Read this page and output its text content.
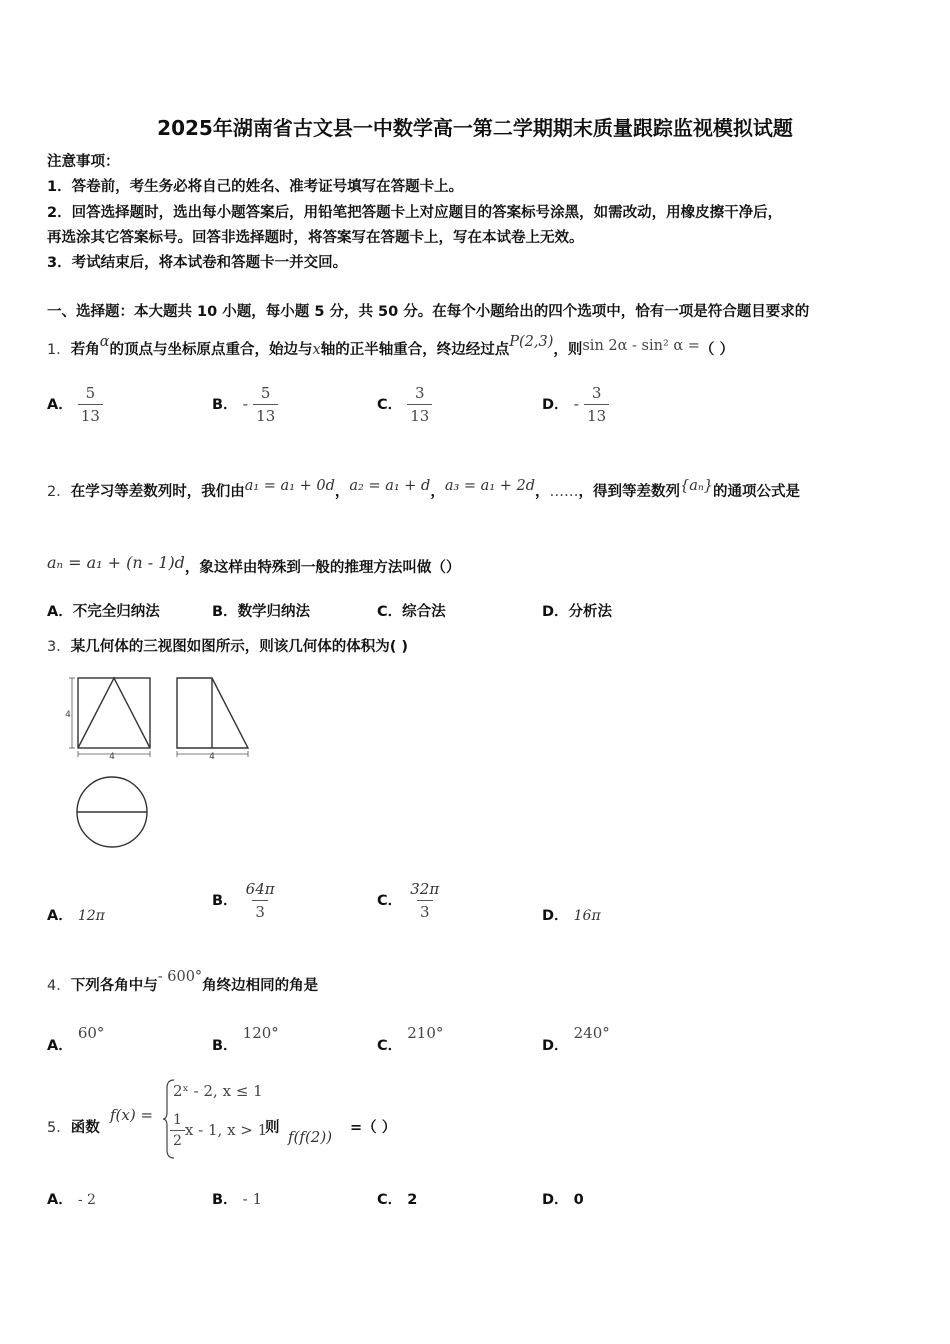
2025年湖南省古文县一中数学高一第二学期期末质量跟踪监视模拟试题
注意事项：
1．答卷前，考生务必将自己的姓名、准考证号填写在答题卡上。
2．回答选择题时，选出每小题答案后，用铅笔把答题卡上对应题目的答案标号涂黑，如需改动，用橡皮擦干净后，
再选涂其它答案标号。回答非选择题时，将答案写在答题卡上，写在本试卷上无效。
3．考试结束后，将本试卷和答题卡一并交回。
一、选择题：本大题共 10 小题，每小题 5 分，共 50 分。在每个小题给出的四个选项中，恰有一项是符合题目要求的
1．若角α的顶点与坐标原点重合，始边与x轴的正半轴重合，终边经过点P(2,3)，则sin 2α - sin² α =（ ）
A． $\frac{5}{13}$	B． - $\frac{5}{13}$	C． $\frac{3}{13}$	D． - $\frac{3}{13}$
2．在学习等差数列时，我们由a₁ = a₁ + 0d，a₂ = a₁ + d，a₃ = a₁ + 2d，……，得到等差数列{aₙ}的通项公式是
aₙ = a₁ + (n - 1)d，象这样由特殊到一般的推理方法叫做（）
A．不完全归纳法	B．数学归纳法	C．综合法	D．分析法
3．某几何体的三视图如图所示，则该几何体的体积为( )
4
4	4
A． 12π
B． $\frac{64\pi}{3}$	C． $\frac{32\pi}{3}$	D． 16π
4．下列各角中与- 600°角终边相同的角是
A． 60°
B． 120°
C． 210°
D． 240°
5．函数
f(x) =
2ˣ - 2, x ≤ 1
$\frac{1}{2}$ x - 1, x > 1
则 f(f(2)) =（ ）
A． - 2	B． - 1	C． 2	D． 0
